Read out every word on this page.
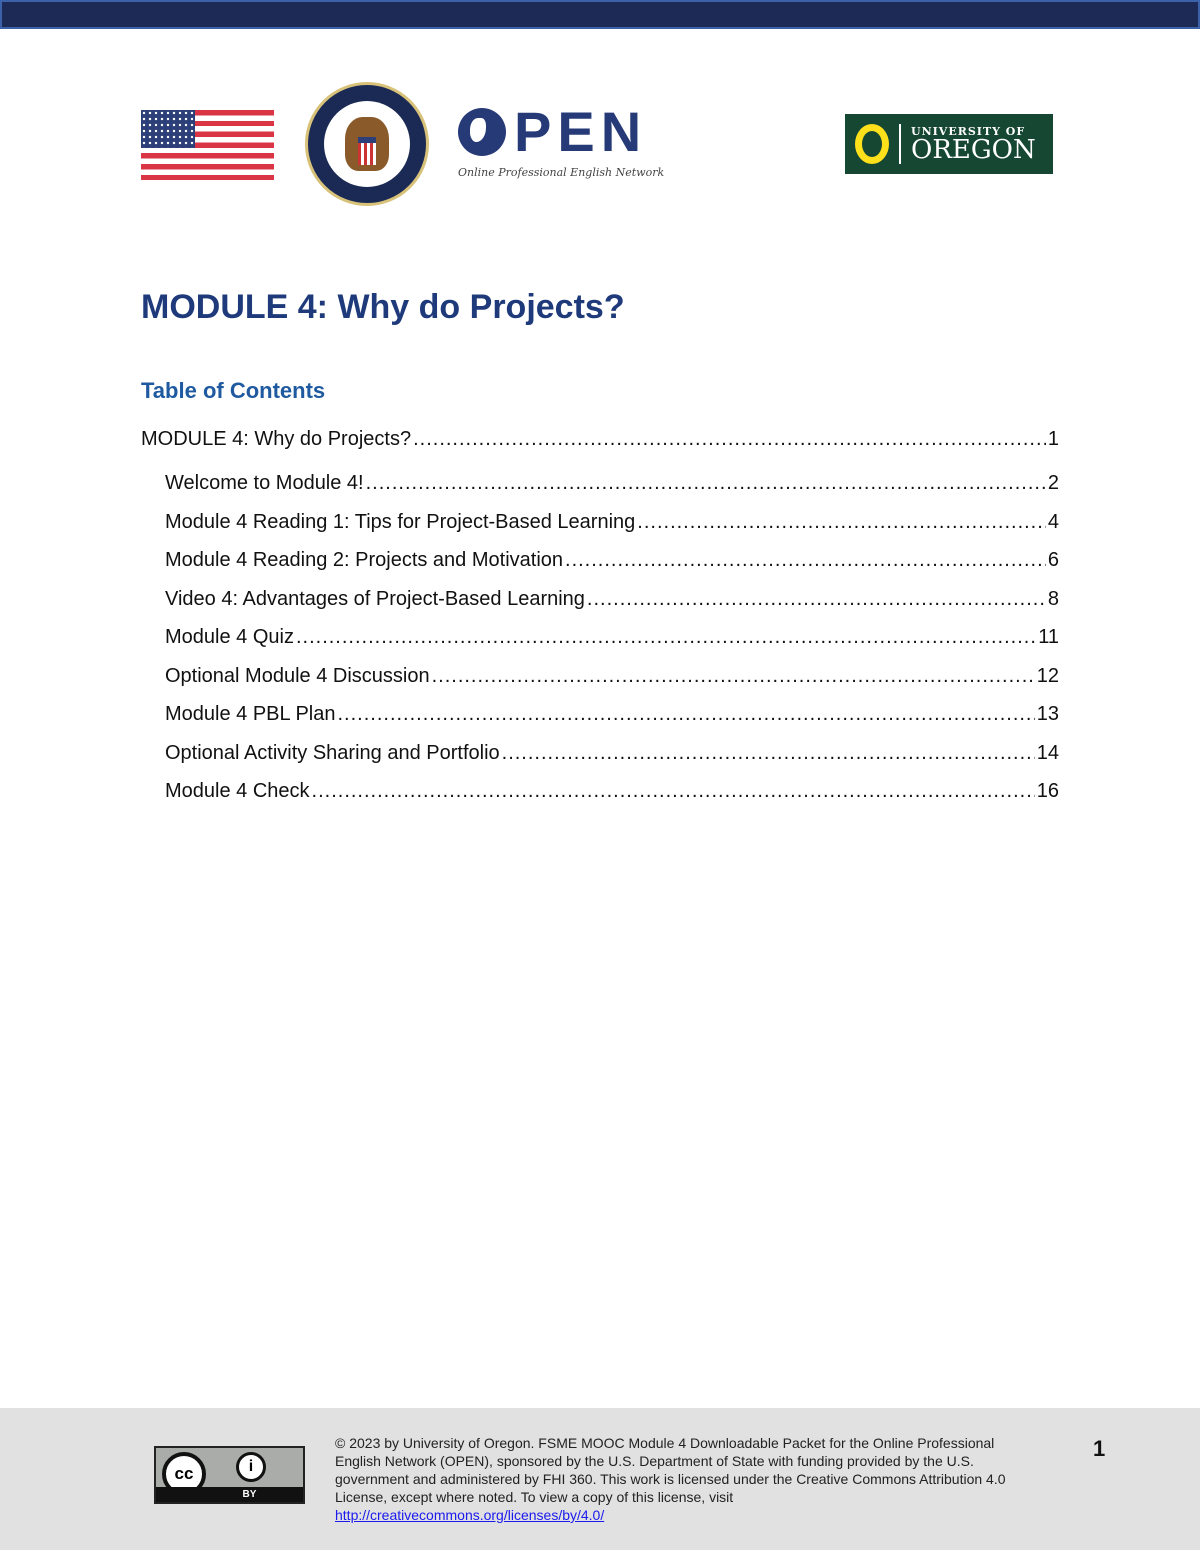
PEN
Online Professional English Network
UNIVERSITY OF
OREGON
MODULE 4: Why do Projects?
Table of Contents
MODULE 4: Why do Projects? .....	1
Welcome to Module 4! .....	2
Module 4 Reading 1: Tips for Project-Based Learning .....	4
Module 4 Reading 2: Projects and Motivation .....	6
Video 4: Advantages of Project-Based Learning .....	8
Module 4 Quiz .....	11
Optional Module 4 Discussion .....	12
Module 4 PBL Plan .....	13
Optional Activity Sharing and Portfolio .....	14
Module 4 Check .....	16
cc	i
BY
© 2023 by University of Oregon. FSME MOOC Module 4 Downloadable Packet for the Online Professional English Network (OPEN), sponsored by the U.S. Department of State with funding provided by the U.S. government and administered by FHI 360. This work is licensed under the Creative Commons Attribution 4.0 License, except where noted. To view a copy of this license, visit
http://creativecommons.org/licenses/by/4.0/
1
